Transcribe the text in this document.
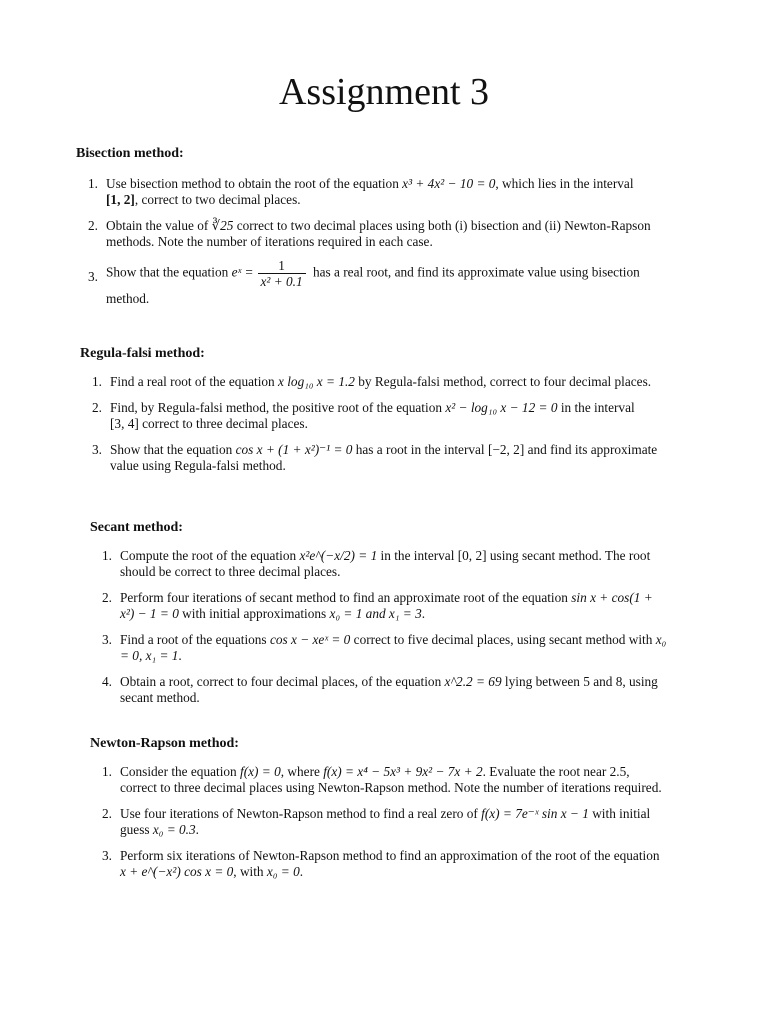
Assignment 3
Bisection method:
1. Use bisection method to obtain the root of the equation x³ + 4x² − 10 = 0, which lies in the interval
[1, 2], correct to two decimal places.
2. Obtain the value of ∛25 correct to two decimal places using both (i) bisection and (ii) Newton-Rapson methods. Note the number of iterations required in each case.
3. Show that the equation eˣ = $\frac{1}{\text{x² + 0.1}}$ has a real root, and find its approximate value using bisection
method.
Regula-falsi method:
1. Find a real root of the equation x log₁₀ x = 1.2 by Regula-falsi method, correct to four decimal places.
2. Find, by Regula-falsi method, the positive root of the equation x² − log₁₀ x − 12 = 0 in the interval
[3, 4] correct to three decimal places.
3. Show that the equation cos x + (1 + x²)⁻¹ = 0 has a root in the interval [−2, 2] and find its approximate value using Regula-falsi method.
Secant method:
1. Compute the root of the equation x²e^(−x/2) = 1 in the interval [0, 2] using secant method. The root should be correct to three decimal places.
2. Perform four iterations of secant method to find an approximate root of the equation sin x + cos(1 + x²) − 1 = 0 with initial approximations x₀ = 1 and x₁ = 3.
3. Find a root of the equations cos x − xeˣ = 0 correct to five decimal places, using secant method with x₀ = 0, x₁ = 1.
4. Obtain a root, correct to four decimal places, of the equation x^2.2 = 69 lying between 5 and 8, using secant method.
Newton-Rapson method:
1. Consider the equation f(x) = 0, where f(x) = x⁴ − 5x³ + 9x² − 7x + 2. Evaluate the root near 2.5, correct to three decimal places using Newton-Rapson method. Note the number of iterations required.
2. Use four iterations of Newton-Rapson method to find a real zero of f(x) = 7e⁻ˣ sin x − 1 with initial guess x₀ = 0.3.
3. Perform six iterations of Newton-Rapson method to find an approximation of the root of the equation x + e^(−x²) cos x = 0, with x₀ = 0.
